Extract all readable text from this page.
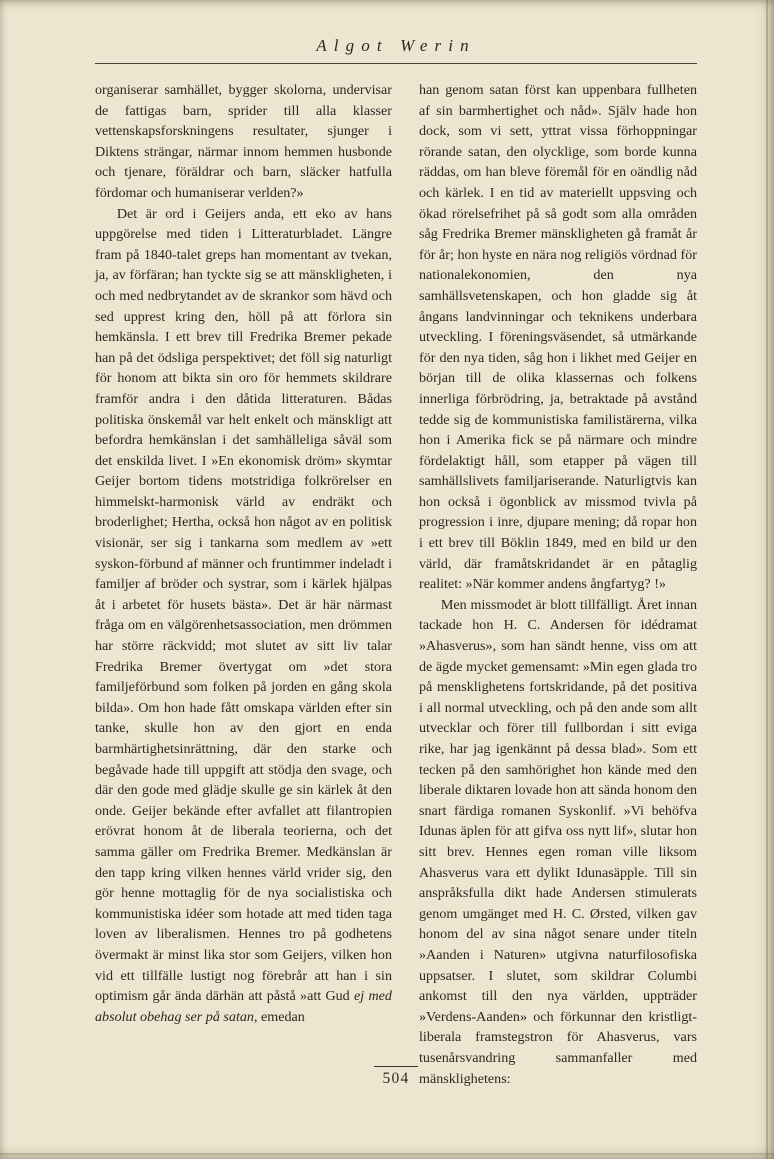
Algot Werin

organiserar samhället, bygger skolorna, undervisar de fattigas barn, sprider till alla klasser vettenskapsforskningens resultater, sjunger i Diktens strängar, närmar innom hemmen husbonde och tjenare, föräldrar och barn, släcker hatfulla fördomar och humaniserar verlden?»

Det är ord i Geijers anda, ett eko av hans uppgörelse med tiden i Litteraturbladet. Längre fram på 1840-talet greps han momentant av tvekan, ja, av förfäran; han tyckte sig se att mänskligheten, i och med nedbrytandet av de skrankor som hävd och sed upprest kring den, höll på att förlora sin hemkänsla. I ett brev till Fredrika Bremer pekade han på det ödsliga perspektivet; det föll sig naturligt för honom att bikta sin oro för hemmets skildrare framför andra i den dåtida litteraturen. Bådas politiska önskemål var helt enkelt och mänskligt att befordra hemkänslan i det samhälleliga såväl som det enskilda livet. I »En ekonomisk dröm» skymtar Geijer bortom tidens motstridiga folkrörelser en himmelskt-harmonisk värld av endräkt och broderlighet; Hertha, också hon något av en politisk visionär, ser sig i tankarna som medlem av »ett syskon-förbund af männer och fruntimmer indeladt i familjer af bröder och systrar, som i kärlek hjälpas åt i arbetet för husets bästa». Det är här närmast fråga om en välgörenhetsassociation, men drömmen har större räckvidd; mot slutet av sitt liv talar Fredrika Bremer övertygat om »det stora familjeförbund som folken på jorden en gång skola bilda». Om hon hade fått omskapa världen efter sin tanke, skulle hon av den gjort en enda barmhärtighetsinrättning, där den starke och begåvade hade till uppgift att stödja den svage, och där den gode med glädje skulle ge sin kärlek åt den onde. Geijer bekände efter avfallet att filantropien erövrat honom åt de liberala teorierna, och det samma gäller om Fredrika Bremer. Medkänslan är den tapp kring vilken hennes värld vrider sig, den gör henne mottaglig för de nya socialistiska och kommunistiska idéer som hotade att med tiden taga loven av liberalismen. Hennes tro på godhetens övermakt är minst lika stor som Geijers, vilken hon vid ett tillfälle lustigt nog förebrår att han i sin optimism går ända därhän att påstå »att Gud ej med absolut obehag ser på satan, emedan

han genom satan först kan uppenbara fullheten af sin barmhertighet och nåd». Själv hade hon dock, som vi sett, yttrat vissa förhoppningar rörande satan, den olycklige, som borde kunna räddas, om han bleve föremål för en oändlig nåd och kärlek. I en tid av materiellt uppsving och ökad rörelsefrihet på så godt som alla områden såg Fredrika Bremer mänskligheten gå framåt år för år; hon hyste en nära nog religiös vördnad för nationalekonomien, den nya samhällsvetenskapen, och hon gladde sig åt ångans landvinningar och teknikens underbara utveckling. I föreningsväsendet, så utmärkande för den nya tiden, såg hon i likhet med Geijer en början till de olika klassernas och folkens innerliga förbrödring, ja, betraktade på avstånd tedde sig de kommunistiska familistärerna, vilka hon i Amerika fick se på närmare och mindre fördelaktigt håll, som etapper på vägen till samhällslivets familjariserande. Naturligtvis kan hon också i ögonblick av missmod tvivla på progression i inre, djupare mening; då ropar hon i ett brev till Böklin 1849, med en bild ur den värld, där framåtskridandet är en påtaglig realitet: »När kommer andens ångfartyg? !»

Men missmodet är blott tillfälligt. Året innan tackade hon H. C. Andersen för idédramat »Ahasverus», som han sändt henne, viss om att de ägde mycket gemensamt: »Min egen glada tro på mensklighetens fortskridande, på det positiva i all normal utveckling, och på den ande som allt utvecklar och förer till fullbordan i sitt eviga rike, har jag igenkännt på dessa blad». Som ett tecken på den samhörighet hon kände med den liberale diktaren lovade hon att sända honom den snart färdiga romanen Syskonlif. »Vi behöfva Idunas äplen för att gifva oss nytt lif», slutar hon sitt brev. Hennes egen roman ville liksom Ahasverus vara ett dylikt Idunasäpple. Till sin anspråksfulla dikt hade Andersen stimulerats genom umgänget med H. C. Ørsted, vilken gav honom del av sina något senare under titeln »Aanden i Naturen» utgivna naturfilosofiska uppsatser. I slutet, som skildrar Columbi ankomst till den nya världen, uppträder »Verdens-Aanden» och förkunnar den kristligt-liberala framstegstron för Ahasverus, vars tusenårsvandring sammanfaller med mänsklighetens:

504
